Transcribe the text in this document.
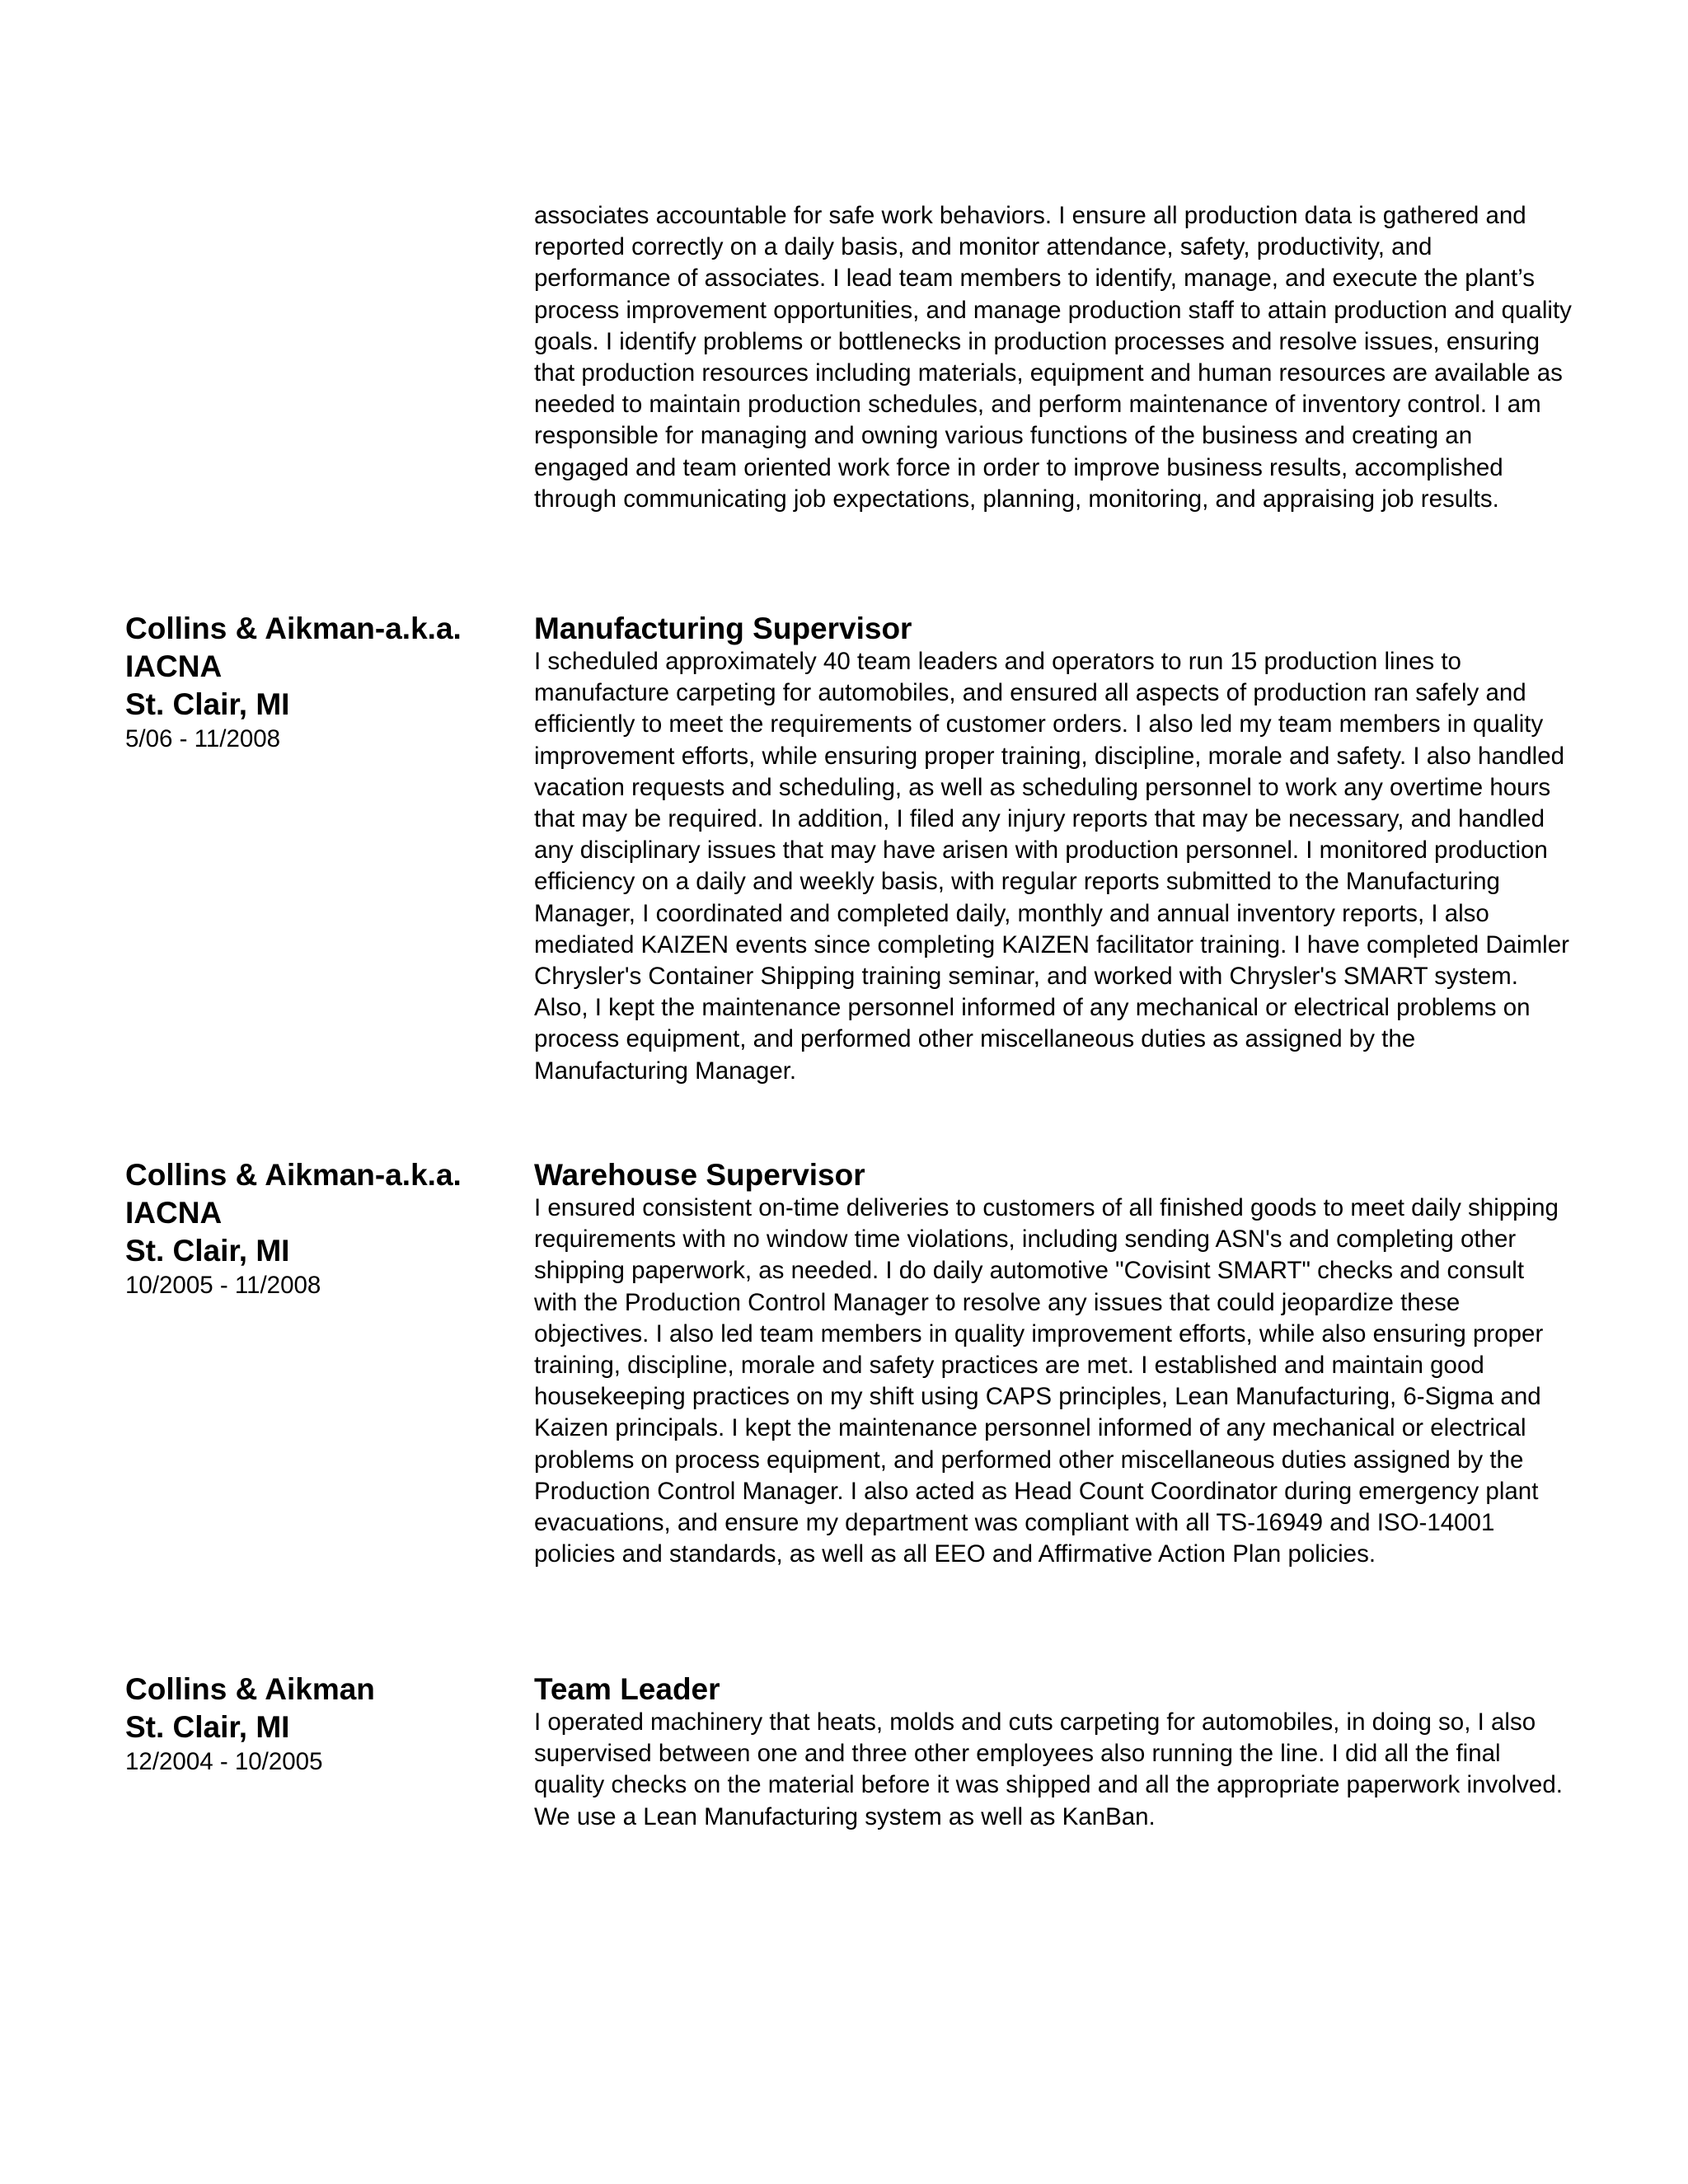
associates accountable for safe work behaviors. I ensure all production data is gathered and reported correctly on a daily basis, and monitor attendance, safety, productivity, and performance of associates. I lead team members to identify, manage, and execute the plant’s process improvement opportunities, and manage production staff to attain production and quality goals. I identify problems or bottlenecks in production processes and resolve issues, ensuring that production resources including materials, equipment and human resources are available as needed to maintain production schedules, and perform maintenance of inventory control. I am responsible for managing and owning various functions of the business and creating an engaged and team oriented work force in order to improve business results, accomplished through communicating job expectations, planning, monitoring, and appraising job results.

Collins & Aikman-a.k.a. IACNA
St. Clair, MI
5/06 - 11/2008
Manufacturing Supervisor

I scheduled approximately 40 team leaders and operators to run 15 production lines to manufacture carpeting for automobiles, and ensured all aspects of production ran safely and efficiently to meet the requirements of customer orders. I also led my team members in quality improvement efforts, while ensuring proper training, discipline, morale and safety. I also handled vacation requests and scheduling, as well as scheduling personnel to work any overtime hours that may be required. In addition, I filed any injury reports that may be necessary, and handled any disciplinary issues that may have arisen with production personnel. I monitored production efficiency on a daily and weekly basis, with regular reports submitted to the Manufacturing Manager, I coordinated and completed daily, monthly and annual inventory reports, I also mediated KAIZEN events since completing KAIZEN facilitator training. I have completed Daimler Chrysler's Container Shipping training seminar, and worked with Chrysler's SMART system. Also, I kept the maintenance personnel informed of any mechanical or electrical problems on process equipment, and performed other miscellaneous duties as assigned by the Manufacturing Manager.

Collins & Aikman-a.k.a. IACNA
St. Clair, MI
10/2005 - 11/2008
Warehouse Supervisor

I ensured consistent on-time deliveries to customers of all finished goods to meet daily shipping requirements with no window time violations, including sending ASN's and completing other shipping paperwork, as needed. I do daily automotive "Covisint SMART" checks and consult with the Production Control Manager to resolve any issues that could jeopardize these objectives. I also led team members in quality improvement efforts, while also ensuring proper training, discipline, morale and safety practices are met. I established and maintain good housekeeping practices on my shift using CAPS principles, Lean Manufacturing, 6-Sigma and Kaizen principals. I kept the maintenance personnel informed of any mechanical or electrical problems on process equipment, and performed other miscellaneous duties assigned by the Production Control Manager. I also acted as Head Count Coordinator during emergency plant evacuations, and ensure my department was compliant with all TS-16949 and ISO-14001 policies and standards, as well as all EEO and Affirmative Action Plan policies.

Collins & Aikman
St. Clair, MI
12/2004 - 10/2005
Team Leader

I operated machinery that heats, molds and cuts carpeting for automobiles, in doing so, I also supervised between one and three other employees also running the line. I did all the final quality checks on the material before it was shipped and all the appropriate paperwork involved. We use a Lean Manufacturing system as well as KanBan.
